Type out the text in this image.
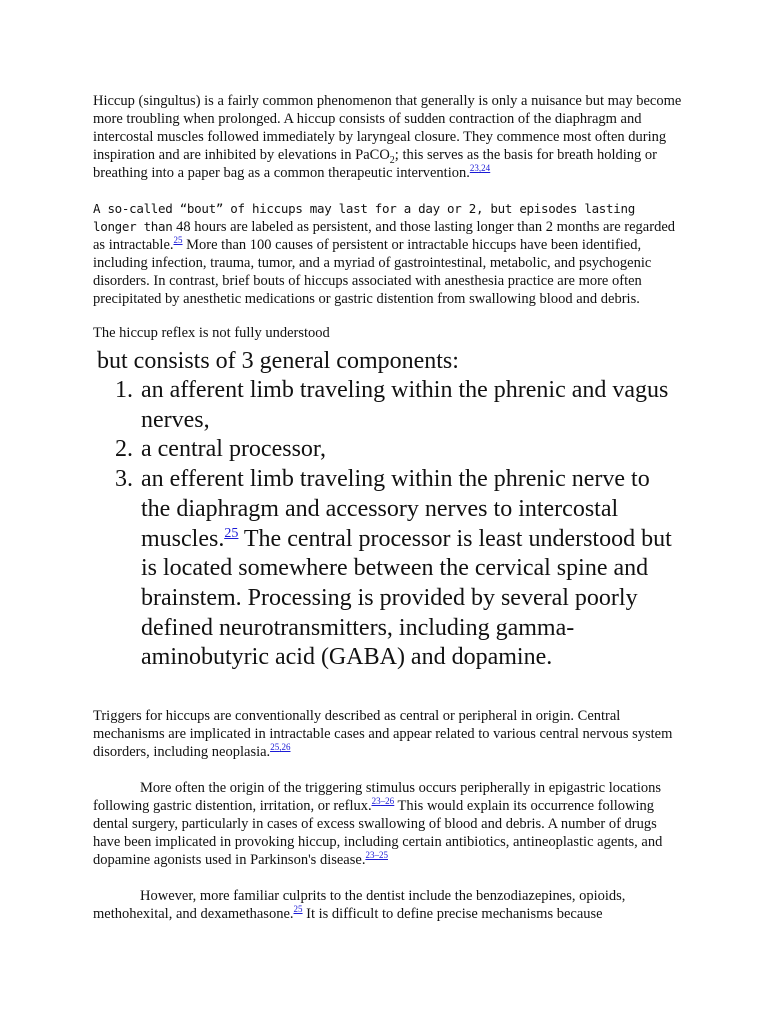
Hiccup (singultus) is a fairly common phenomenon that generally is only a nuisance but may become more troubling when prolonged. A hiccup consists of sudden contraction of the diaphragm and intercostal muscles followed immediately by laryngeal closure. They commence most often during inspiration and are inhibited by elevations in PaCO$_2$; this serves as the basis for breath holding or breathing into a paper bag as a common therapeutic intervention.$^{23,24}$

A so-called “bout” of hiccups may last for a day or 2, but episodes lasting longer than 48 hours are labeled as persistent, and those lasting longer than 2 months are regarded as intractable.$^{25}$ More than 100 causes of persistent or intractable hiccups have been identified, including infection, trauma, tumor, and a myriad of gastrointestinal, metabolic, and psychogenic disorders. In contrast, brief bouts of hiccups associated with anesthesia practice are more often precipitated by anesthetic medications or gastric distention from swallowing blood and debris.

The hiccup reflex is not fully understood

but consists of 3 general components:
1. an afferent limb traveling within the phrenic and vagus nerves,
2. a central processor,
3. an efferent limb traveling within the phrenic nerve to the diaphragm and accessory nerves to intercostal muscles.$^{25}$ The central processor is least understood but is located somewhere between the cervical spine and brainstem. Processing is provided by several poorly defined neurotransmitters, including gamma-aminobutyric acid (GABA) and dopamine.

Triggers for hiccups are conventionally described as central or peripheral in origin. Central mechanisms are implicated in intractable cases and appear related to various central nervous system disorders, including neoplasia.$^{25,26}$

More often the origin of the triggering stimulus occurs peripherally in epigastric locations following gastric distention, irritation, or reflux.$^{23-26}$ This would explain its occurrence following dental surgery, particularly in cases of excess swallowing of blood and debris. A number of drugs have been implicated in provoking hiccup, including certain antibiotics, antineoplastic agents, and dopamine agonists used in Parkinson's disease.$^{23-25}$

However, more familiar culprits to the dentist include the benzodiazepines, opioids, methohexital, and dexamethasone.$^{25}$ It is difficult to define precise mechanisms because
